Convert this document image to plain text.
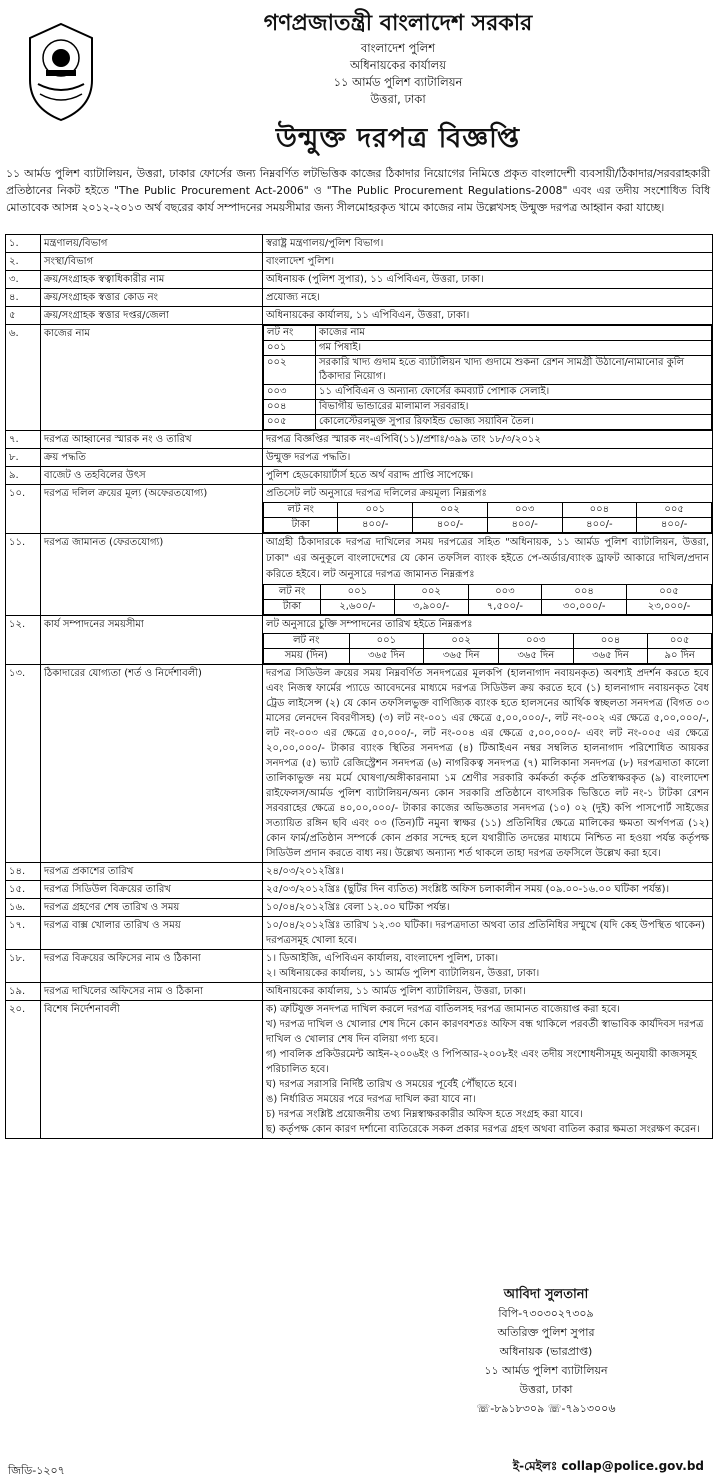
গণপ্রজাতন্ত্রী বাংলাদেশ সরকার
বাংলাদেশ পুলিশ
অধিনায়কের কার্যালয়
১১ আর্মড পুলিশ ব্যাটালিয়ন
উত্তরা, ঢাকা
উন্মুক্ত দরপত্র বিজ্ঞপ্তি
১১ আর্মড পুলিশ ব্যাটালিয়ন, উত্তরা, ঢাকার ফোর্সের জন্য নিম্নবর্ণিত লটভিত্তিক কাজের ঠিকাদার নিয়োগের নিমিত্তে প্রকৃত বাংলাদেশী ব্যবসায়ী/ঠিকাদার/সরবরাহকারী প্রতিষ্ঠানের নিকট হইতে "The Public Procurement Act-2006" ও "The Public Procurement Regulations-2008" এবং এর তদীয় সংশোধিত বিধি মোতাবেক আসন্ন ২০১২-২০১৩ অর্থ বছরের কার্য সম্পাদনের সময়সীমার জন্য সীলমোহরকৃত খামে কাজের নাম উল্লেখসহ উন্মুক্ত দরপত্র আহ্বান করা যাচ্ছে।
১.	মন্ত্রণালয়/বিভাগ	স্বরাষ্ট্র মন্ত্রণালয়/পুলিশ বিভাগ।
২.	সংস্থা/বিভাগ	বাংলাদেশ পুলিশ।
৩.	ক্রয়/সংগ্রাহক স্বত্বাধিকারীর নাম	অধিনায়ক (পুলিশ সুপার), ১১ এপিবিএন, উত্তরা, ঢাকা।
৪.	ক্রয়/সংগ্রাহক স্বত্তার কোড নং	প্রযোজ্য নহে।
৫	ক্রয়/সংগ্রাহক স্বত্তার দপ্তর/জেলা	অধিনায়কের কার্যালয়, ১১ এপিবিএন, উত্তরা, ঢাকা।
৬.	কাজের নাম		লট নং	কাজের নাম
০০১	গম পিষাই।
০০২	সরকারি খাদ্য গুদাম হতে ব্যাটালিয়ন খাদ্য গুদামে শুকনা রেশন সামগ্রী উঠানো/নামানোর কুলি ঠিকাদার নিয়োগ।
০০৩	১১ এপিবিএন ও অন্যান্য ফোর্সের কমব্যাট পোশাক সেলাই।
০০৪	বিভাগীয় ভান্ডারের মালামাল সরবরাহ।
০০৫	কোলেস্টেরলমুক্ত সুপার রিফাইন্ড ভোজ্য সয়াবিন তৈল।

৭.	দরপত্র আহ্বানের স্মারক নং ও তারিখ	দরপত্র বিজ্ঞপ্তির স্মারক নং-এপিবি(১১)/প্রশাঃ/৩৯৯ তাং ১৮/৩/২০১২
৮.	ক্রয় পদ্ধতি	উন্মুক্ত দরপত্র পদ্ধতি।
৯.	বাজেট ও তহবিলের উৎস	পুলিশ হেডকোয়ার্টার্স হতে অর্থ বরাদ্দ প্রাপ্তি সাপেক্ষে।
১০.	দরপত্র দলিল ক্রয়ের মূল্য (অফেরতযোগ্য)	প্রতিসেট লট অনুসারে দরপত্র দলিলের ক্রয়মূল্য নিম্নরূপঃ
লট নং	০০১	০০২	০০৩	০০৪	০০৫
টাকা	৪০০/-	৪০০/-	৪০০/-	৪০০/-	৪০০/-

১১.	দরপত্র জামানত (ফেরতযোগ্য)	আগ্রহী ঠিকাদারকে দরপত্র দাখিলের সময় দরপত্রের সহিত "অধিনায়ক, ১১ আর্মড পুলিশ ব্যাটালিয়ন, উত্তরা, ঢাকা" এর অনুকূলে বাংলাদেশের যে কোন তফসিল ব্যাংক হইতে পে-অর্ডার/ব্যাংক ড্রাফট আকারে দাখিল/প্রদান করিতে হইবে। লট অনুসারে দরপত্র জামানত নিম্নরূপঃ
লট নং	০০১	০০২	০০৩	০০৪	০০৫
টাকা	২,৬০০/-	৩,৯০০/-	৭,৫০০/-	৩০,০০০/-	২৩,০০০/-

১২.	কার্য সম্পাদনের সময়সীমা	লট অনুসারে চুক্তি সম্পাদনের তারিখ হইতে নিম্নরূপঃ
লট নং	০০১	০০২	০০৩	০০৪	০০৫
সময় (দিন)	৩৬৫ দিন	৩৬৫ দিন	৩৬৫ দিন	৩৬৫ দিন	৯০ দিন

১৩.	ঠিকাদারের যোগ্যতা (শর্ত ও নির্দেশাবলী)	দরপত্র সিডিউল ক্রয়ের সময় নিম্নবর্ণিত সনদপত্রের মূলকপি (হালনাগাদ নবায়নকৃত) অবশ্যই প্রদর্শন করতে হবে এবং নিজস্ব ফার্মের প্যাডে আবেদনের মাধ্যমে দরপত্র সিডিউল ক্রয় করতে হবে (১) হালনাগাদ নবায়নকৃত বৈধ ট্রেড লাইসেন্স (২) যে কোন তফসিলভুক্ত বাণিজ্যিক ব্যাংক হতে হালসনের আর্থিক স্বচ্ছলতা সনদপত্র (বিগত ০৩ মাসের লেনদেন বিবরণীসহ) (৩) লট নং-০০১ এর ক্ষেত্রে ৫,০০,০০০/-, লট নং-০০২ এর ক্ষেত্রে ৫,০০,০০০/-, লট নং-০০৩ এর ক্ষেত্রে ৫০,০০০/-, লট নং-০০৪ এর ক্ষেত্রে ৫,০০,০০০/- এবং লট নং-০০৫ এর ক্ষেত্রে ২০,০০,০০০/- টাকার ব্যাংক স্থিতির সনদপত্র (৪) টিআইএন নম্বর সম্বলিত হালনাগাদ পরিশোধিত আয়কর সনদপত্র (৫) ভ্যাট রেজিস্ট্রেশন সনদপত্র (৬) নাগরিকত্ব সনদপত্র (৭) মালিকানা সনদপত্র (৮) দরপত্রদাতা কালো তালিকাভুক্ত নয় মর্মে ঘোষণা/অঙ্গীকারনামা ১ম শ্রেণীর সরকারি কর্মকর্তা কর্তৃক প্রতিস্বাক্ষরকৃত (৯) বাংলাদেশ রাইফেলস/আর্মড পুলিশ ব্যাটালিয়ন/অন্য কোন সরকারি প্রতিষ্ঠানে বাৎসরিক ভিত্তিতে লট নং-১ টাটকা রেশন সরবরাহের ক্ষেত্রে ৪০,০০,০০০/- টাকার কাজের অভিজ্ঞতার সনদপত্র (১০) ০২ (দুই) কপি পাসপোর্ট সাইজের সত্যায়িত রঙ্গিন ছবি এবং ০৩ (তিন)টি নমুনা স্বাক্ষর (১১) প্রতিনিধির ক্ষেত্রে মালিকের ক্ষমতা অর্পণপত্র (১২) কোন ফার্ম/প্রতিষ্ঠান সম্পর্কে কোন প্রকার সন্দেহ হলে যথারীতি তদন্তের মাধ্যমে নিশ্চিত না হওয়া পর্যন্ত কর্তৃপক্ষ সিডিউল প্রদান করতে বাধ্য নয়। উল্লেখ্য অন্যান্য শর্ত থাকলে তাহা দরপত্র তফসিলে উল্লেখ করা হবে।
১৪.	দরপত্র প্রকাশের তারিখ	২৪/০৩/২০১২খ্রিঃ।
১৫.	দরপত্র সিডিউল বিক্রয়ের তারিখ	২৫/০৩/২০১২খ্রিঃ (ছুটির দিন ব্যতিত) সংশ্লিষ্ট অফিস চলাকালীন সময় (০৯.০০-১৬.০০ ঘটিকা পর্যন্ত)।
১৬.	দরপত্র গ্রহণের শেষ তারিখ ও সময়	১০/০৪/২০১২খ্রিঃ বেলা ১২.০০ ঘটিকা পর্যন্ত।
১৭.	দরপত্র বাক্স খোলার তারিখ ও সময়	১০/০৪/২০১২খ্রিঃ তারিখ ১২.৩০ ঘটিকা। দরপত্রদাতা অথবা তার প্রতিনিধির সম্মুখে (যদি কেহ উপস্থিত থাকেন) দরপত্রসমূহ খোলা হবে।
১৮.	দরপত্র বিক্রয়ের অফিসের নাম ও ঠিকানা	১। ডিআইজি, এপিবিএন কার্যালয়, বাংলাদেশ পুলিশ, ঢাকা।
২। অধিনায়কের কার্যালয়, ১১ আর্মড পুলিশ ব্যাটালিয়ন, উত্তরা, ঢাকা।

১৯.	দরপত্র দাখিলের অফিসের নাম ও ঠিকানা	অধিনায়কের কার্যালয়, ১১ আর্মড পুলিশ ব্যাটালিয়ন, উত্তরা, ঢাকা।
২০.	বিশেষ নির্দেশনাবলী	ক) ত্রুটিযুক্ত সনদপত্র দাখিল করলে দরপত্র বাতিলসহ দরপত্র জামানত বাজেয়াপ্ত করা হবে।
খ) দরপত্র দাখিল ও খোলার শেষ দিনে কোন কারণবশতঃ অফিস বন্ধ থাকিলে পরবর্তী স্বাভাবিক কার্যদিবস দরপত্র দাখিল ও খোলার শেষ দিন বলিয়া গণ্য হবে।
গ) পাবলিক প্রকিউরমেন্ট আইন-২০০৬ইং ও পিপিআর-২০০৮ইং এবং তদীয় সংশোধনীসমূহ অনুযায়ী কাজসমূহ পরিচালিত হবে।
ঘ) দরপত্র সরাসরি নির্দিষ্ট তারিখ ও সময়ের পূর্বেই পৌঁছাতে হবে।
ঙ) নির্ধারিত সময়ের পরে দরপত্র দাখিল করা যাবে না।
চ) দরপত্র সংশ্লিষ্ট প্রয়োজনীয় তথ্য নিম্নস্বাক্ষরকারীর অফিস হতে সংগ্রহ করা যাবে।
ছ) কর্তৃপক্ষ কোন কারণ দর্শানো ব্যতিরেকে সকল প্রকার দরপত্র গ্রহণ অথবা বাতিল করার ক্ষমতা সংরক্ষণ করেন।
আবিদা সুলতানা
বিপি-৭৩০৩০২৭৩০৯
অতিরিক্ত পুলিশ সুপার
অধিনায়ক (ভারপ্রাপ্ত)
১১ আর্মড পুলিশ ব্যাটালিয়ন
উত্তরা, ঢাকা
☏-৮৯১৮৩০৯ ☏-৭৯১৩০০৬
জিডি-১২০৭	ই-মেইলঃ collap@police.gov.bd
